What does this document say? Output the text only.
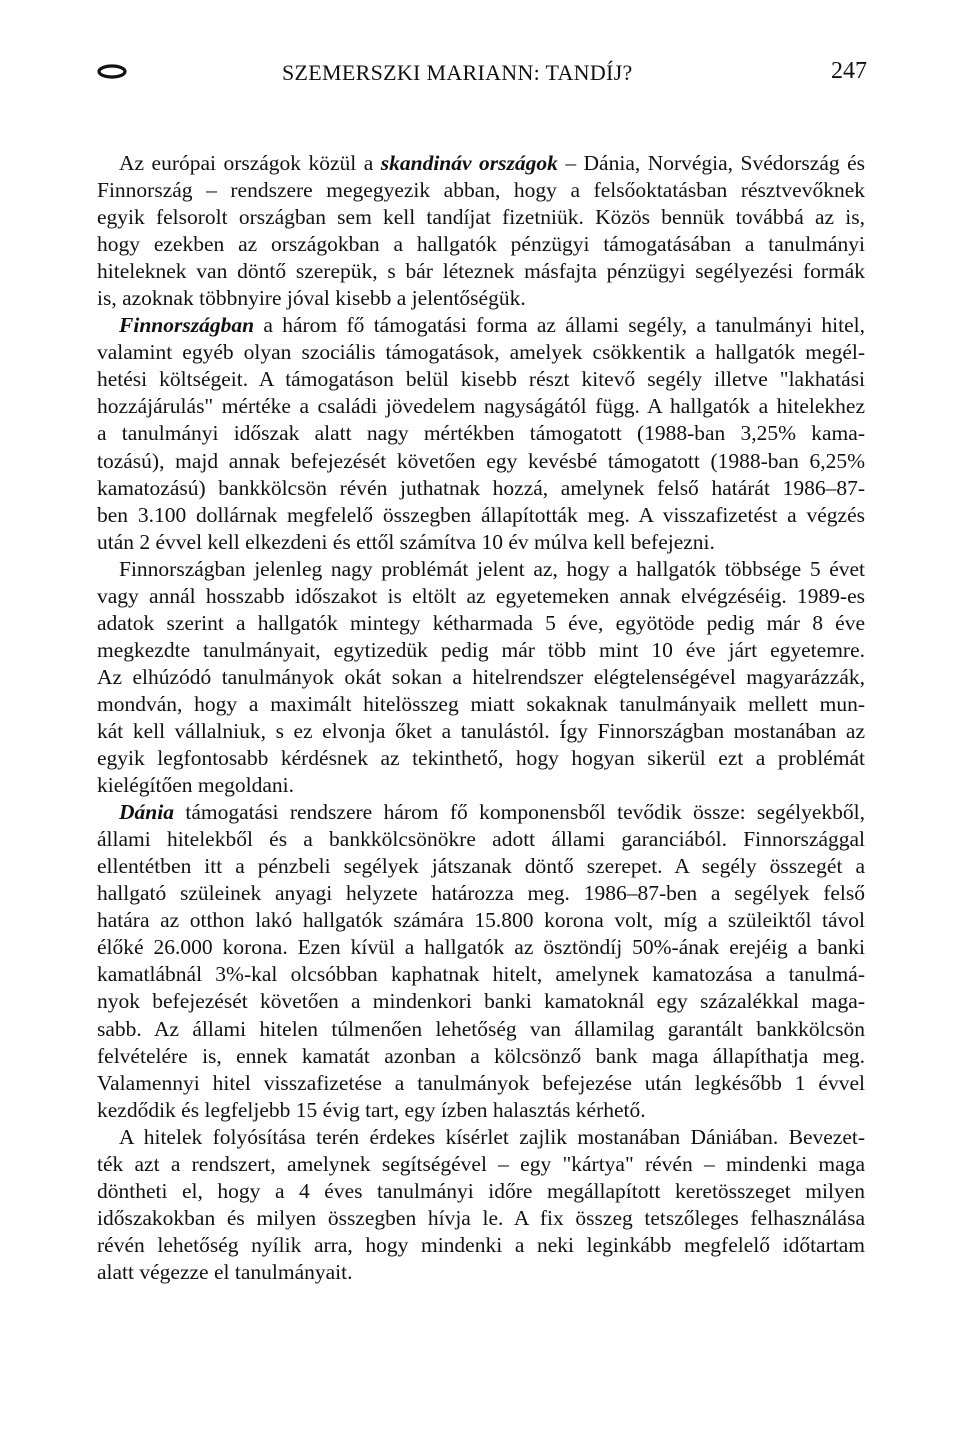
SZEMERSZKI MARIANN: TANDÍJ?	247
Az európai országok közül a skandináv országok – Dánia, Norvégia, Svédország és
Finnország – rendszere megegyezik abban, hogy a felsőoktatásban résztvevőknek
egyik felsorolt országban sem kell tandíjat fizetniük. Közös bennük továbbá az is,
hogy ezekben az országokban a hallgatók pénzügyi támogatásában a tanulmányi
hiteleknek van döntő szerepük, s bár léteznek másfajta pénzügyi segélyezési formák
is, azoknak többnyire jóval kisebb a jelentőségük.
Finnországban a három fő támogatási forma az állami segély, a tanulmányi hitel,
valamint egyéb olyan szociális támogatások, amelyek csökkentik a hallgatók megél-
hetési költségeit. A támogatáson belül kisebb részt kitevő segély illetve "lakhatási
hozzájárulás" mértéke a családi jövedelem nagyságától függ. A hallgatók a hitelekhez
a tanulmányi időszak alatt nagy mértékben támogatott (1988-ban 3,25% kama-
tozású), majd annak befejezését követően egy kevésbé támogatott (1988-ban 6,25%
kamatozású) bankkölcsön révén juthatnak hozzá, amelynek felső határát 1986–87-
ben 3.100 dollárnak megfelelő összegben állapították meg. A visszafizetést a végzés
után 2 évvel kell elkezdeni és ettől számítva 10 év múlva kell befejezni.
Finnországban jelenleg nagy problémát jelent az, hogy a hallgatók többsége 5 évet
vagy annál hosszabb időszakot is eltölt az egyetemeken annak elvégzéséig. 1989-es
adatok szerint a hallgatók mintegy kétharmada 5 éve, egyötöde pedig már 8 éve
megkezdte tanulmányait, egytizedük pedig már több mint 10 éve járt egyetemre.
Az elhúzódó tanulmányok okát sokan a hitelrendszer elégtelenségével magyarázzák,
mondván, hogy a maximált hitelösszeg miatt sokaknak tanulmányaik mellett mun-
kát kell vállalniuk, s ez elvonja őket a tanulástól. Így Finnországban mostanában az
egyik legfontosabb kérdésnek az tekinthető, hogy hogyan sikerül ezt a problémát
kielégítően megoldani.
Dánia támogatási rendszere három fő komponensből tevődik össze: segélyekből,
állami hitelekből és a bankkölcsönökre adott állami garanciából. Finnországgal
ellentétben itt a pénzbeli segélyek játszanak döntő szerepet. A segély összegét a
hallgató szüleinek anyagi helyzete határozza meg. 1986–87-ben a segélyek felső
határa az otthon lakó hallgatók számára 15.800 korona volt, míg a szüleiktől távol
élőké 26.000 korona. Ezen kívül a hallgatók az ösztöndíj 50%-ának erejéig a banki
kamatlábnál 3%-kal olcsóbban kaphatnak hitelt, amelynek kamatozása a tanulmá-
nyok befejezését követően a mindenkori banki kamatoknál egy százalékkal maga-
sabb. Az állami hitelen túlmenően lehetőség van államilag garantált bankkölcsön
felvételére is, ennek kamatát azonban a kölcsönző bank maga állapíthatja meg.
Valamennyi hitel visszafizetése a tanulmányok befejezése után legkésőbb 1 évvel
kezdődik és legfeljebb 15 évig tart, egy ízben halasztás kérhető.
A hitelek folyósítása terén érdekes kísérlet zajlik mostanában Dániában. Bevezet-
ték azt a rendszert, amelynek segítségével – egy "kártya" révén – mindenki maga
döntheti el, hogy a 4 éves tanulmányi időre megállapított keretösszeget milyen
időszakokban és milyen összegben hívja le. A fix összeg tetszőleges felhasználása
révén lehetőség nyílik arra, hogy mindenki a neki leginkább megfelelő időtartam
alatt végezze el tanulmányait.
